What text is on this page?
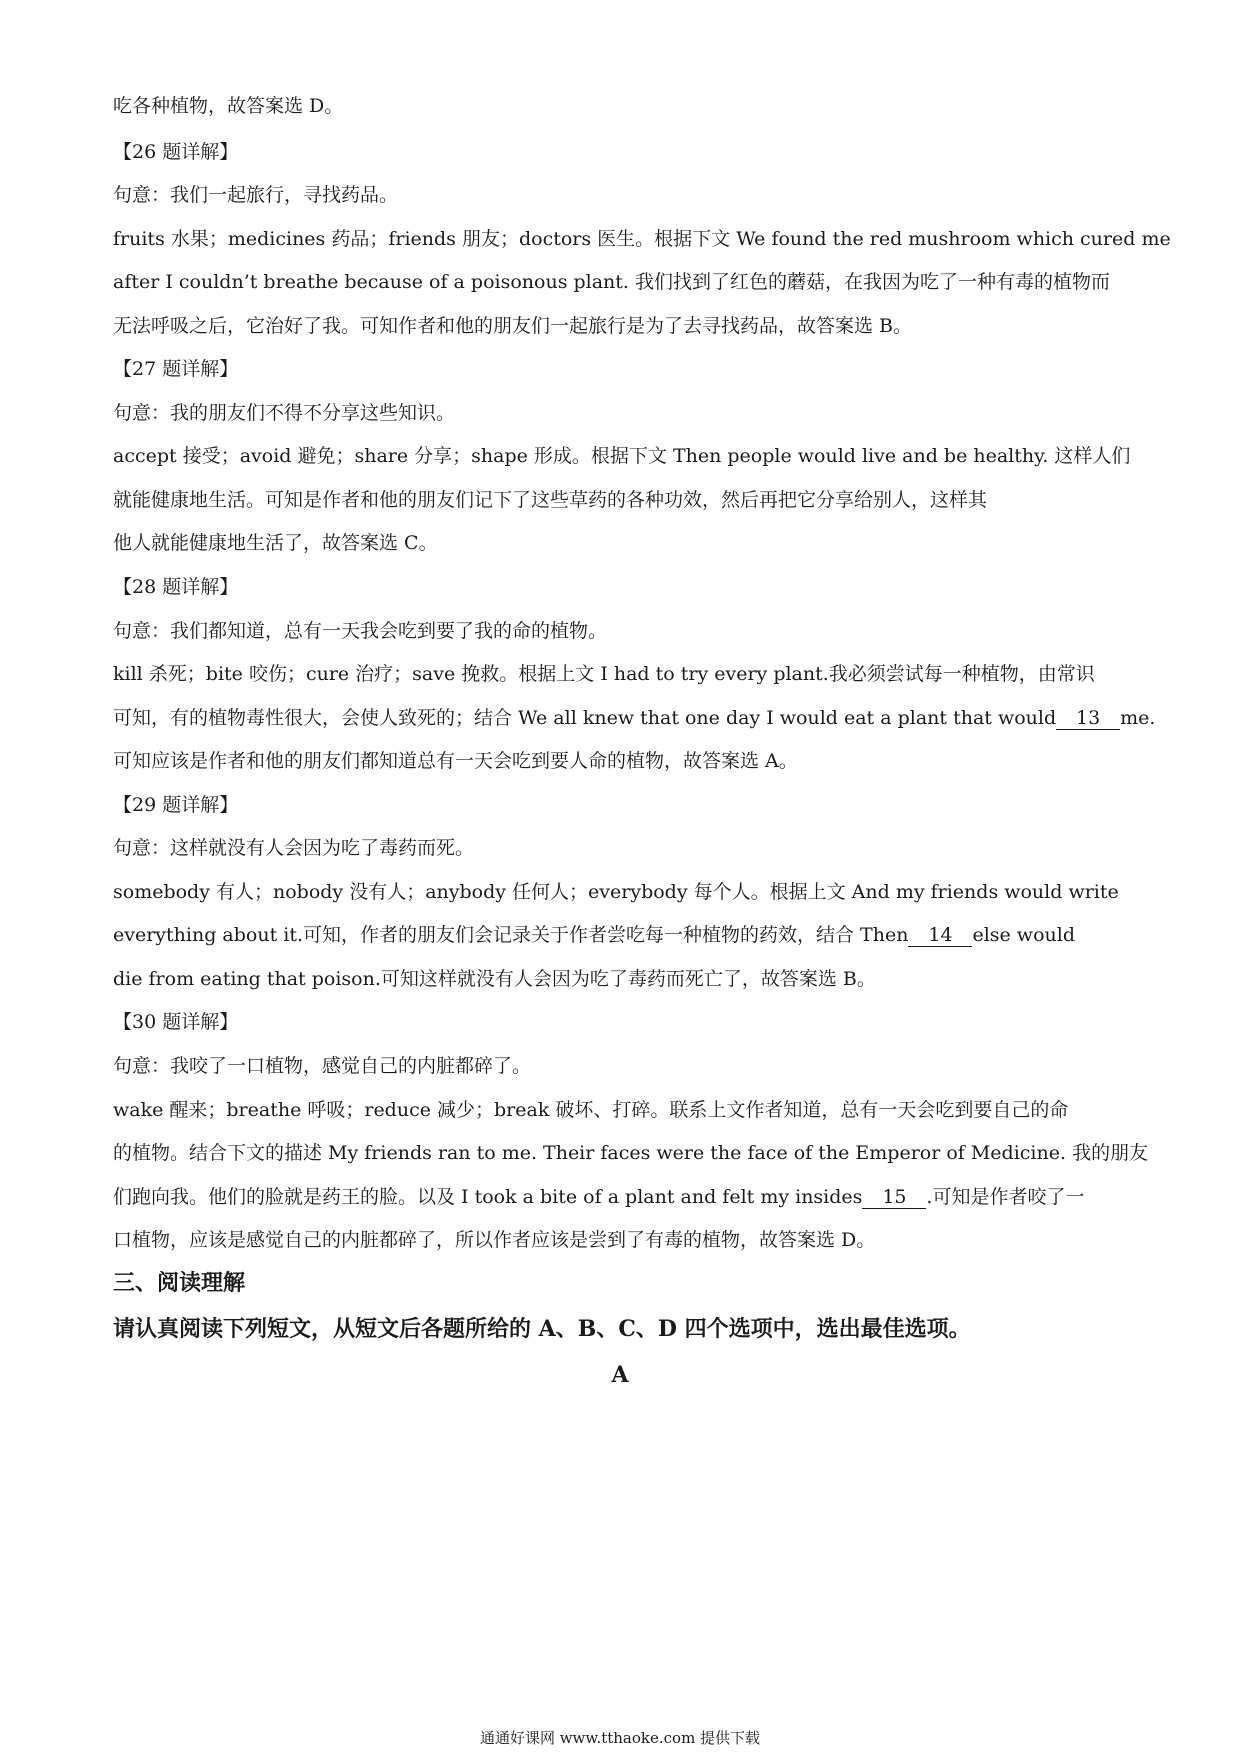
吃各种植物，故答案选 D。
【26 题详解】
句意：我们一起旅行，寻找药品。
fruits 水果；medicines 药品；friends 朋友；doctors 医生。根据下文 We found the red mushroom which cured me
after I couldn’t breathe because of a poisonous plant. 我们找到了红色的蘑菇，在我因为吃了一种有毒的植物而
无法呼吸之后，它治好了我。可知作者和他的朋友们一起旅行是为了去寻找药品，故答案选 B。
【27 题详解】
句意：我的朋友们不得不分享这些知识。
accept 接受；avoid 避免；share 分享；shape 形成。根据下文 Then people would live and be healthy. 这样人们
就能健康地生活。可知是作者和他的朋友们记下了这些草药的各种功效，然后再把它分享给别人，这样其
他人就能健康地生活了，故答案选 C。
【28 题详解】
句意：我们都知道，总有一天我会吃到要了我的命的植物。
kill 杀死；bite 咬伤；cure 治疗；save 挽救。根据上文 I had to try every plant.我必须尝试每一种植物，由常识
可知，有的植物毒性很大，会使人致死的；结合 We all knew that one day I would eat a plant that would 13 me.
可知应该是作者和他的朋友们都知道总有一天会吃到要人命的植物，故答案选 A。
【29 题详解】
句意：这样就没有人会因为吃了毒药而死。
somebody 有人；nobody 没有人；anybody 任何人；everybody 每个人。根据上文 And my friends would write
everything about it.可知，作者的朋友们会记录关于作者尝吃每一种植物的药效，结合 Then 14 else would
die from eating that poison.可知这样就没有人会因为吃了毒药而死亡了，故答案选 B。
【30 题详解】
句意：我咬了一口植物，感觉自己的内脏都碎了。
wake 醒来；breathe 呼吸；reduce 减少；break 破坏、打碎。联系上文作者知道，总有一天会吃到要自己的命
的植物。结合下文的描述 My friends ran to me. Their faces were the face of the Emperor of Medicine. 我的朋友
们跑向我。他们的脸就是药王的脸。以及 I took a bite of a plant and felt my insides 15 .可知是作者咬了一
口植物，应该是感觉自己的内脏都碎了，所以作者应该是尝到了有毒的植物，故答案选 D。
三、阅读理解
请认真阅读下列短文，从短文后各题所给的 A、B、C、D 四个选项中，选出最佳选项。
A
通通好课网 www.tthaoke.com 提供下载
